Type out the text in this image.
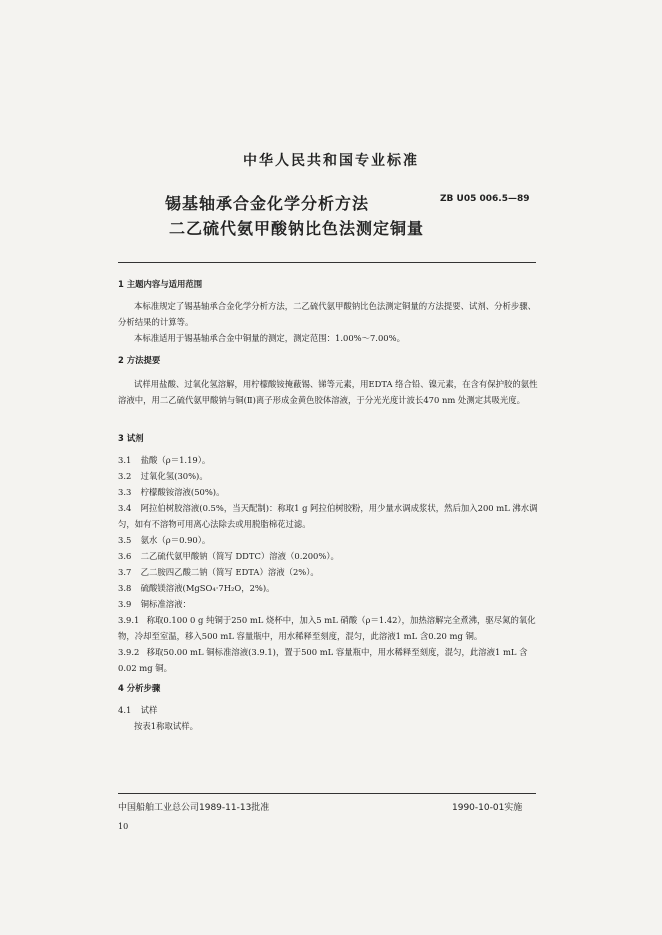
中华人民共和国专业标准
锡基轴承合金化学分析方法
二乙硫代氨甲酸钠比色法测定铜量
ZB U05 006.5—89
1 主题内容与适用范围

本标准规定了锡基轴承合金化学分析方法，二乙硫代氨甲酸钠比色法测定铜量的方法提要、试剂、分析步骤、分析结果的计算等。

本标准适用于锡基轴承合金中铜量的测定，测定范围：1.00%～7.00%。

2 方法提要

试样用盐酸、过氧化氢溶解，用柠檬酸铵掩蔽锡、锑等元素，用EDTA 络合铅、镍元素，在含有保护胶的氨性溶液中，用二乙硫代氨甲酸钠与铜(Ⅱ)离子形成金黄色胶体溶液，于分光光度计波长470 nm 处测定其吸光度。

3 试剂

3.1 盐酸（ρ＝1.19）。

3.2 过氧化氢(30%)。

3.3 柠檬酸铵溶液(50%)。

3.4 阿拉伯树胶溶液(0.5%，当天配制)：称取1 g 阿拉伯树胶粉，用少量水调成浆状，然后加入200 mL 沸水调匀，如有不溶物可用离心法除去或用脱脂棉花过滤。

3.5 氨水（ρ＝0.90）。

3.6 二乙硫代氨甲酸钠（简写 DDTC）溶液（0.200%）。

3.7 乙二胺四乙酸二钠（简写 EDTA）溶液（2%）。

3.8 硫酸镁溶液(MgSO₄·7H₂O，2%)。

3.9 铜标准溶液：

3.9.1 称取0.100 0 g 纯铜于250 mL 烧杯中，加入5 mL 硝酸（ρ＝1.42），加热溶解完全煮沸，驱尽氮的氧化物，冷却至室温，移入500 mL 容量瓶中，用水稀释至刻度，混匀，此溶液1 mL 含0.20 mg 铜。

3.9.2 移取50.00 mL 铜标准溶液(3.9.1)，置于500 mL 容量瓶中，用水稀释至刻度，混匀，此溶液1 mL 含0.02 mg 铜。

4 分析步骤

4.1 试样

按表1称取试样。

中国船舶工业总公司1989-11-13批准	1990-10-01实施
10
